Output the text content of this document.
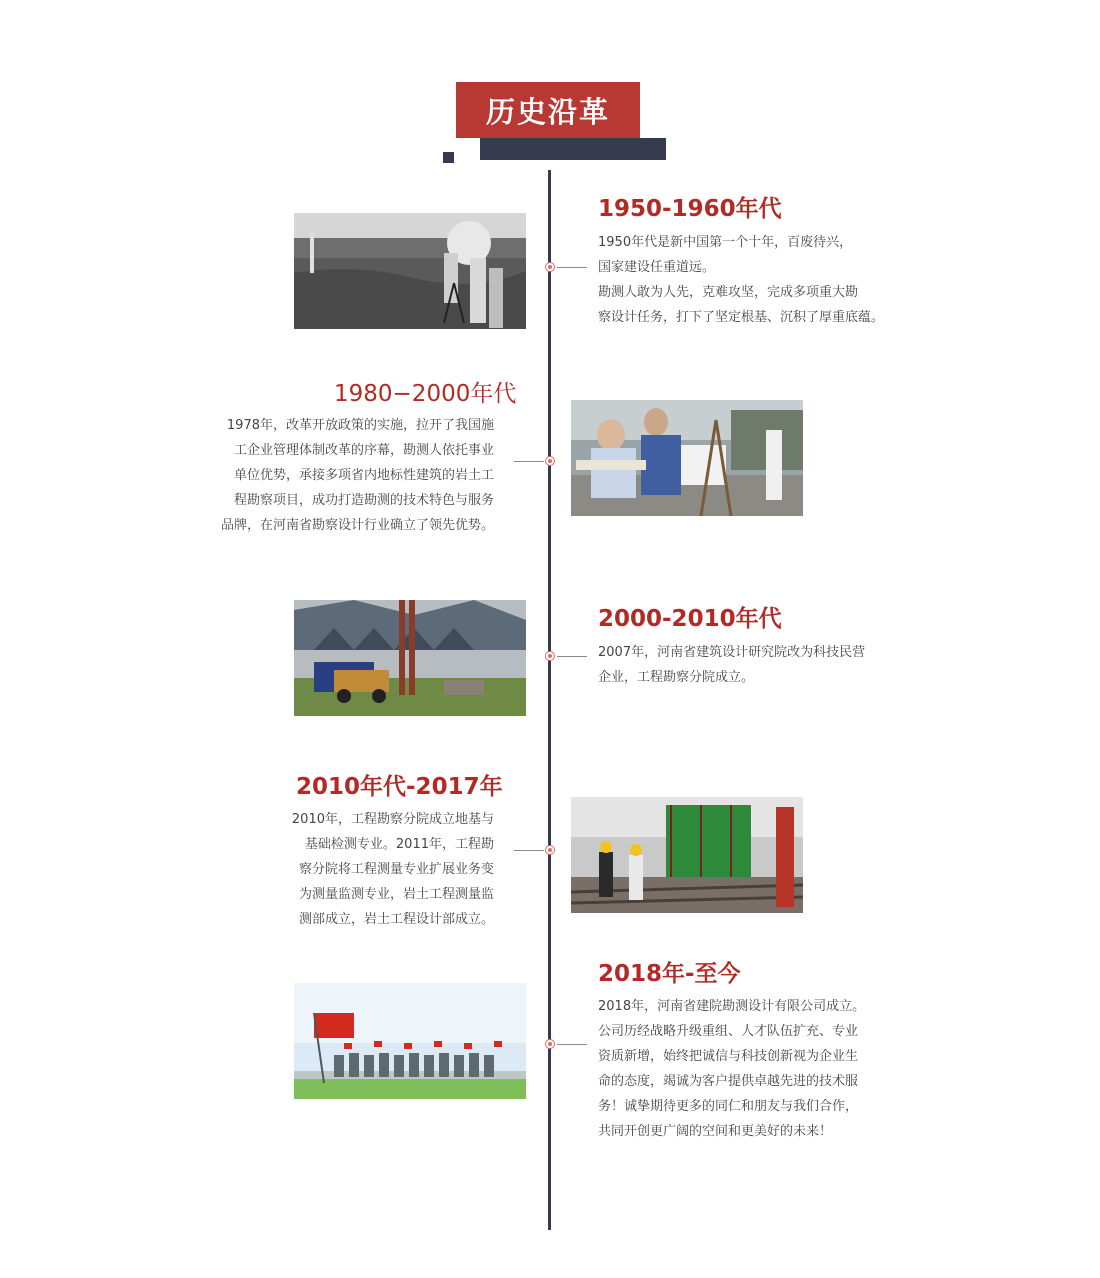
历史沿革
1950-1960年代
1950年代是新中国第一个十年，百废待兴，
国家建设任重道远。
勘测人敢为人先，克难攻坚，完成多项重大勘
察设计任务，打下了坚定根基、沉积了厚重底蕴。
1980−2000年代
1978年，改革开放政策的实施，拉开了我国施
工企业管理体制改革的序幕，勘测人依托事业
单位优势，承接多项省内地标性建筑的岩土工
程勘察项目，成功打造勘测的技术特色与服务
品牌，在河南省勘察设计行业确立了领先优势。
2000-2010年代
2007年，河南省建筑设计研究院改为科技民营
企业，工程勘察分院成立。
2010年代-2017年
2010年，工程勘察分院成立地基与
基础检测专业。2011年，工程勘
察分院将工程测量专业扩展业务变
为测量监测专业，岩土工程测量监
测部成立，岩土工程设计部成立。
2018年-至今
2018年，河南省建院勘测设计有限公司成立。
公司历经战略升级重组、人才队伍扩充、专业
资质新增，始终把诚信与科技创新视为企业生
命的态度，竭诚为客户提供卓越先进的技术服
务！诚挚期待更多的同仁和朋友与我们合作，
共同开创更广阔的空间和更美好的未来！
